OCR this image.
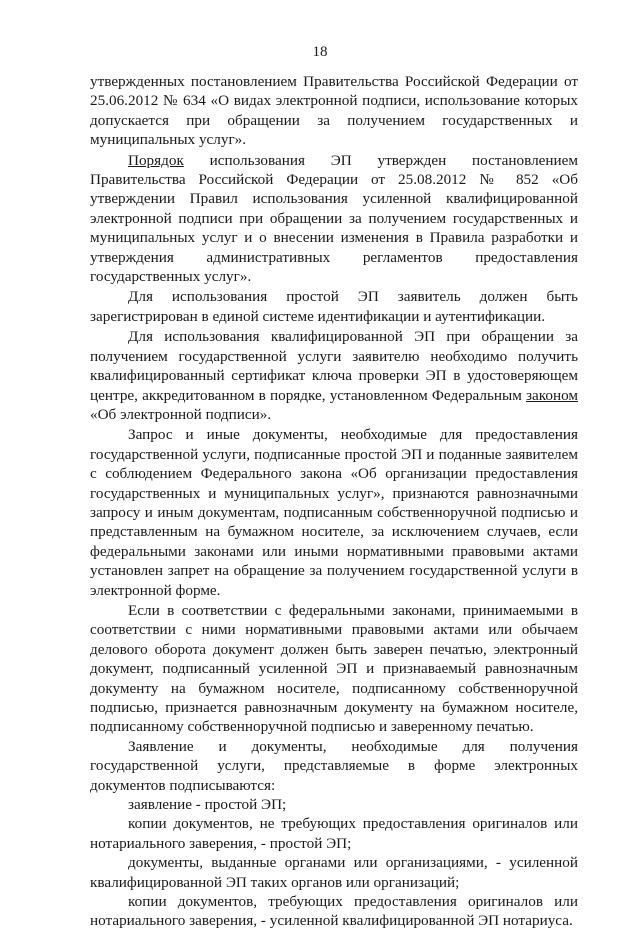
18

утвержденных постановлением Правительства Российской Федерации от 25.06.2012 № 634 «О видах электронной подписи, использование которых допускается при обращении за получением государственных и муниципальных услуг».

Порядок использования ЭП утвержден постановлением Правительства Российской Федерации от 25.08.2012 № 852 «Об утверждении Правил использования усиленной квалифицированной электронной подписи при обращении за получением государственных и муниципальных услуг и о внесении изменения в Правила разработки и утверждения административных регламентов предоставления государственных услуг».

Для использования простой ЭП заявитель должен быть зарегистрирован в единой системе идентификации и аутентификации.

Для использования квалифицированной ЭП при обращении за получением государственной услуги заявителю необходимо получить квалифицированный сертификат ключа проверки ЭП в удостоверяющем центре, аккредитованном в порядке, установленном Федеральным законом «Об электронной подписи».

Запрос и иные документы, необходимые для предоставления государственной услуги, подписанные простой ЭП и поданные заявителем с соблюдением Федерального закона «Об организации предоставления государственных и муниципальных услуг», признаются равнозначными запросу и иным документам, подписанным собственноручной подписью и представленным на бумажном носителе, за исключением случаев, если федеральными законами или иными нормативными правовыми актами установлен запрет на обращение за получением государственной услуги в электронной форме.

Если в соответствии с федеральными законами, принимаемыми в соответствии с ними нормативными правовыми актами или обычаем делового оборота документ должен быть заверен печатью, электронный документ, подписанный усиленной ЭП и признаваемый равнозначным документу на бумажном носителе, подписанному собственноручной подписью, признается равнозначным документу на бумажном носителе, подписанному собственноручной подписью и заверенному печатью.

Заявление и документы, необходимые для получения государственной услуги, представляемые в форме электронных документов подписываются:

заявление - простой ЭП;

копии документов, не требующих предоставления оригиналов или нотариального заверения, - простой ЭП;

документы, выданные органами или организациями, - усиленной квалифицированной ЭП таких органов или организаций;

копии документов, требующих предоставления оригиналов или нотариального заверения, - усиленной квалифицированной ЭП нотариуса.
